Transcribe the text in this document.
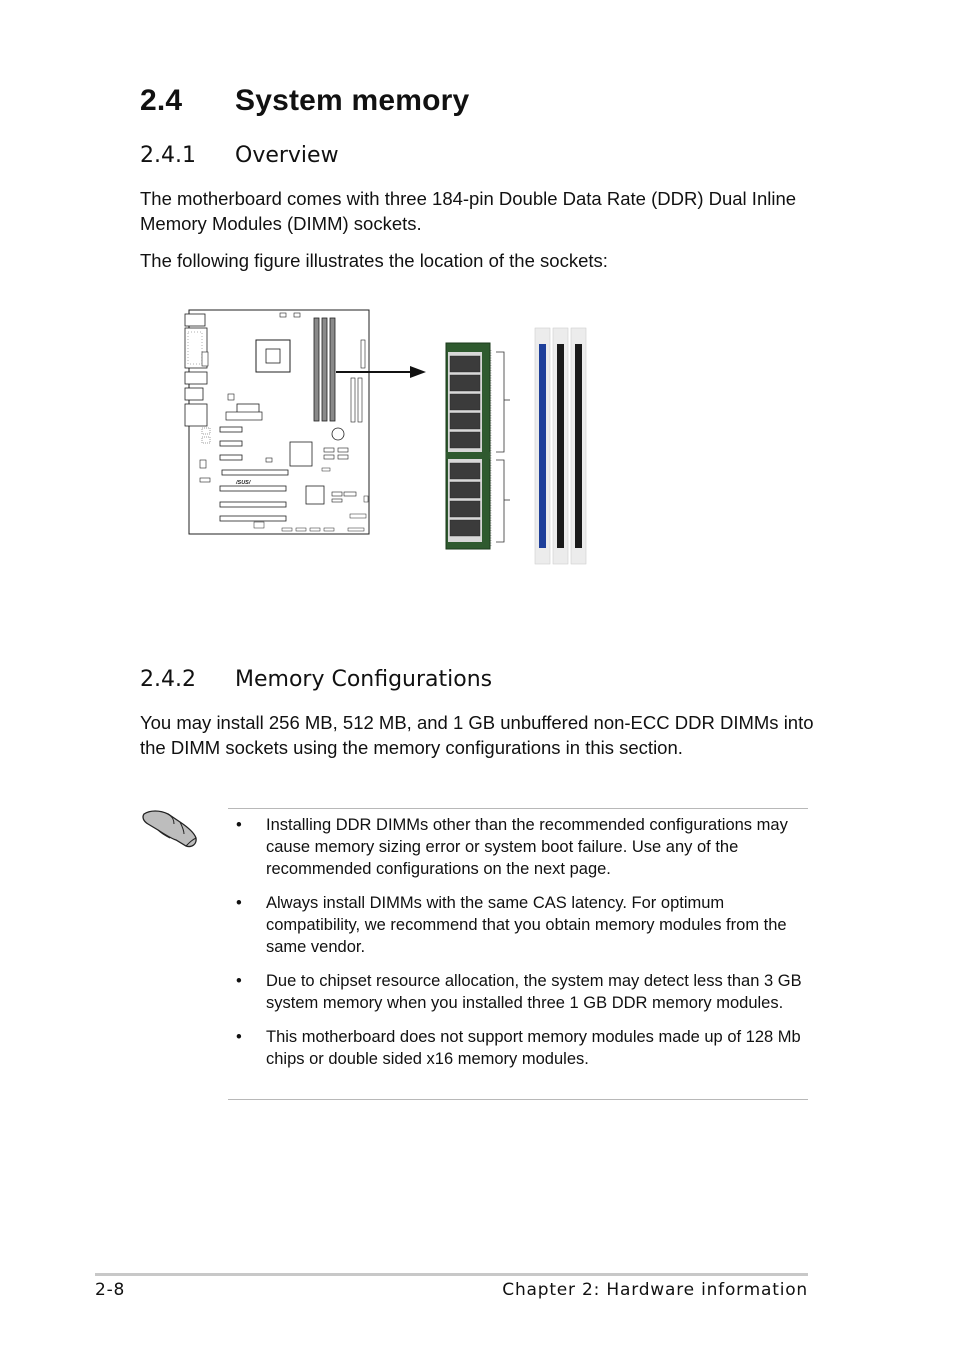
2.4 System memory
2.4.1 Overview
The motherboard comes with three 184-pin Double Data Rate (DDR) Dual Inline Memory Modules (DIMM) sockets.
The following figure illustrates the location of the sockets:
/SUS/
2.4.2 Memory Configurations
You may install 256 MB, 512 MB, and 1 GB unbuffered non-ECC DDR DIMMs into the DIMM sockets using the memory configurations in this section.
• Installing DDR DIMMs other than the recommended configurations may cause memory sizing error or system boot failure. Use any of the recommended configurations on the next page.
• Always install DIMMs with the same CAS latency. For optimum compatibility, we recommend that you obtain memory modules from the same vendor.
• Due to chipset resource allocation, the system may detect less than 3 GB system memory when you installed three 1 GB DDR memory modules.
• This motherboard does not support memory modules made up of 128 Mb chips or double sided x16 memory modules.
2-8	Chapter 2: Hardware information
